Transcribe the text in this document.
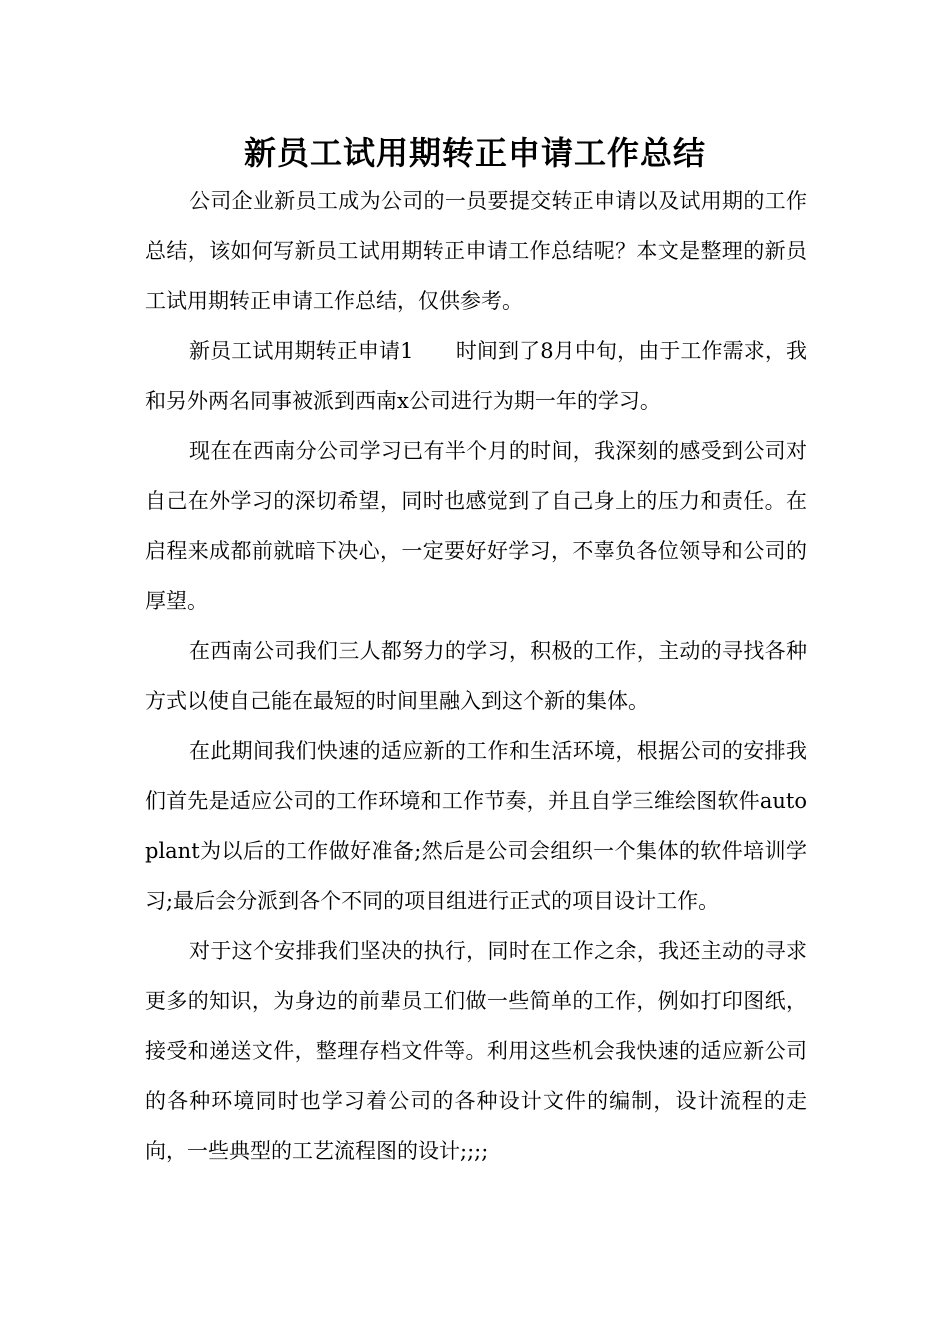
新员工试用期转正申请工作总结

公司企业新员工成为公司的一员要提交转正申请以及试用期的工作总结，该如何写新员工试用期转正申请工作总结呢？本文是整理的新员工试用期转正申请工作总结，仅供参考。

新员工试用期转正申请1　　时间到了8月中旬，由于工作需求，我和另外两名同事被派到西南x公司进行为期一年的学习。

现在在西南分公司学习已有半个月的时间，我深刻的感受到公司对自己在外学习的深切希望，同时也感觉到了自己身上的压力和责任。在启程来成都前就暗下决心，一定要好好学习，不辜负各位领导和公司的厚望。

在西南公司我们三人都努力的学习，积极的工作，主动的寻找各种方式以使自己能在最短的时间里融入到这个新的集体。

在此期间我们快速的适应新的工作和生活环境，根据公司的安排我们首先是适应公司的工作环境和工作节奏，并且自学三维绘图软件autoplant为以后的工作做好准备;然后是公司会组织一个集体的软件培训学习;最后会分派到各个不同的项目组进行正式的项目设计工作。

对于这个安排我们坚决的执行，同时在工作之余，我还主动的寻求更多的知识，为身边的前辈员工们做一些简单的工作，例如打印图纸，接受和递送文件，整理存档文件等。利用这些机会我快速的适应新公司的各种环境同时也学习着公司的各种设计文件的编制，设计流程的走向，一些典型的工艺流程图的设计;;;;
